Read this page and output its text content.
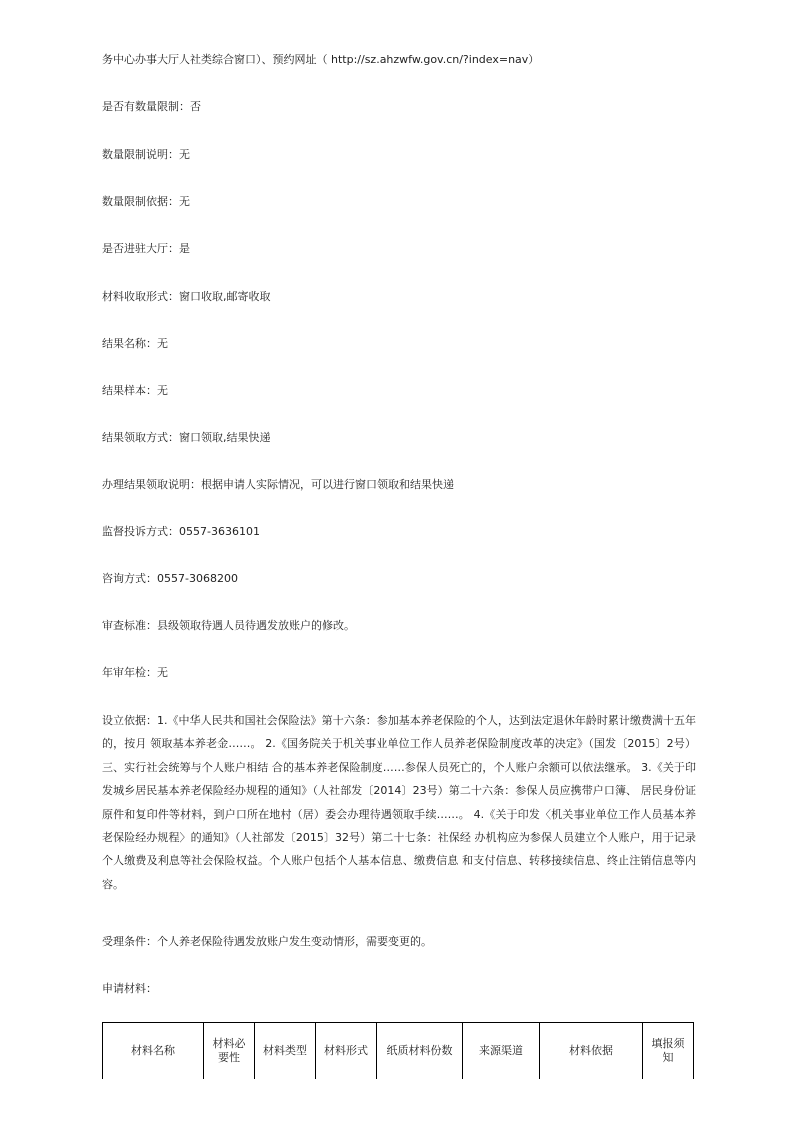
务中心办事大厅人社类综合窗口）、预约网址（ http://sz.ahzwfw.gov.cn/?index=nav）
是否有数量限制：否
数量限制说明：无
数量限制依据：无
是否进驻大厅：是
材料收取形式：窗口收取,邮寄收取
结果名称：无
结果样本：无
结果领取方式：窗口领取,结果快递
办理结果领取说明：根据申请人实际情况，可以进行窗口领取和结果快递
监督投诉方式：0557-3636101
咨询方式：0557-3068200
审查标准：县级领取待遇人员待遇发放账户的修改。
年审年检：无
设立依据：1.《中华人民共和国社会保险法》第十六条：参加基本养老保险的个人，达到法定退休年龄时累计缴费满十五年的，按月 领取基本养老金……。 2.《国务院关于机关事业单位工作人员养老保险制度改革的决定》（国发〔2015〕2号）三、实行社会统筹与个人账户相结 合的基本养老保险制度……参保人员死亡的，个人账户余额可以依法继承。 3.《关于印发城乡居民基本养老保险经办规程的通知》（人社部发〔2014〕23号）第二十六条：参保人员应携带户口簿、 居民身份证原件和复印件等材料，到户口所在地村（居）委会办理待遇领取手续……。 4.《关于印发〈机关事业单位工作人员基本养老保险经办规程〉的通知》（人社部发〔2015〕32号）第二十七条：社保经 办机构应为参保人员建立个人账户，用于记录个人缴费及利息等社会保险权益。个人账户包括个人基本信息、缴费信息 和支付信息、转移接续信息、终止注销信息等内容。
受理条件：个人养老保险待遇发放账户发生变动情形，需要变更的。
申请材料：
材料名称	材料必要性	材料类型	材料形式	纸质材料份数	来源渠道	材料依据	填报须知
